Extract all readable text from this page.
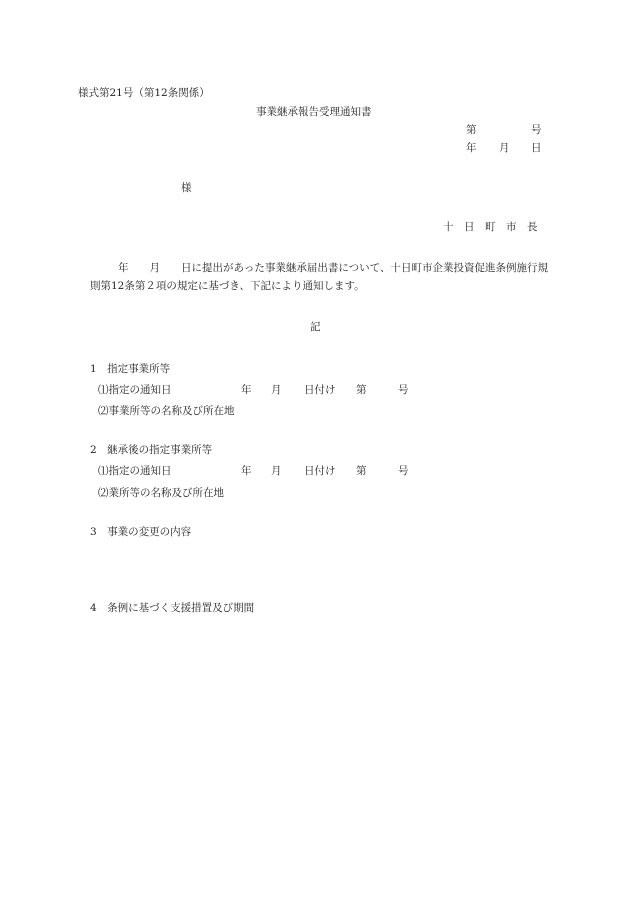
様式第21号（第12条関係）
事業継承報告受理通知書
第	号
年 月 日
様
十　日　町　市　長
年　　月　　日に提出があった事業継承届出書について、十日町市企業投資促進条例施行規
則第12条第２項の規定に基づき、下記により通知します。
記
1　指定事業所等
⑴指定の通知日	年 月 日付け 第	号
⑵事業所等の名称及び所在地
2　継承後の指定事業所等
⑴指定の通知日	年 月 日付け 第	号
⑵業所等の名称及び所在地
3　事業の変更の内容
4　条例に基づく支援措置及び期間
